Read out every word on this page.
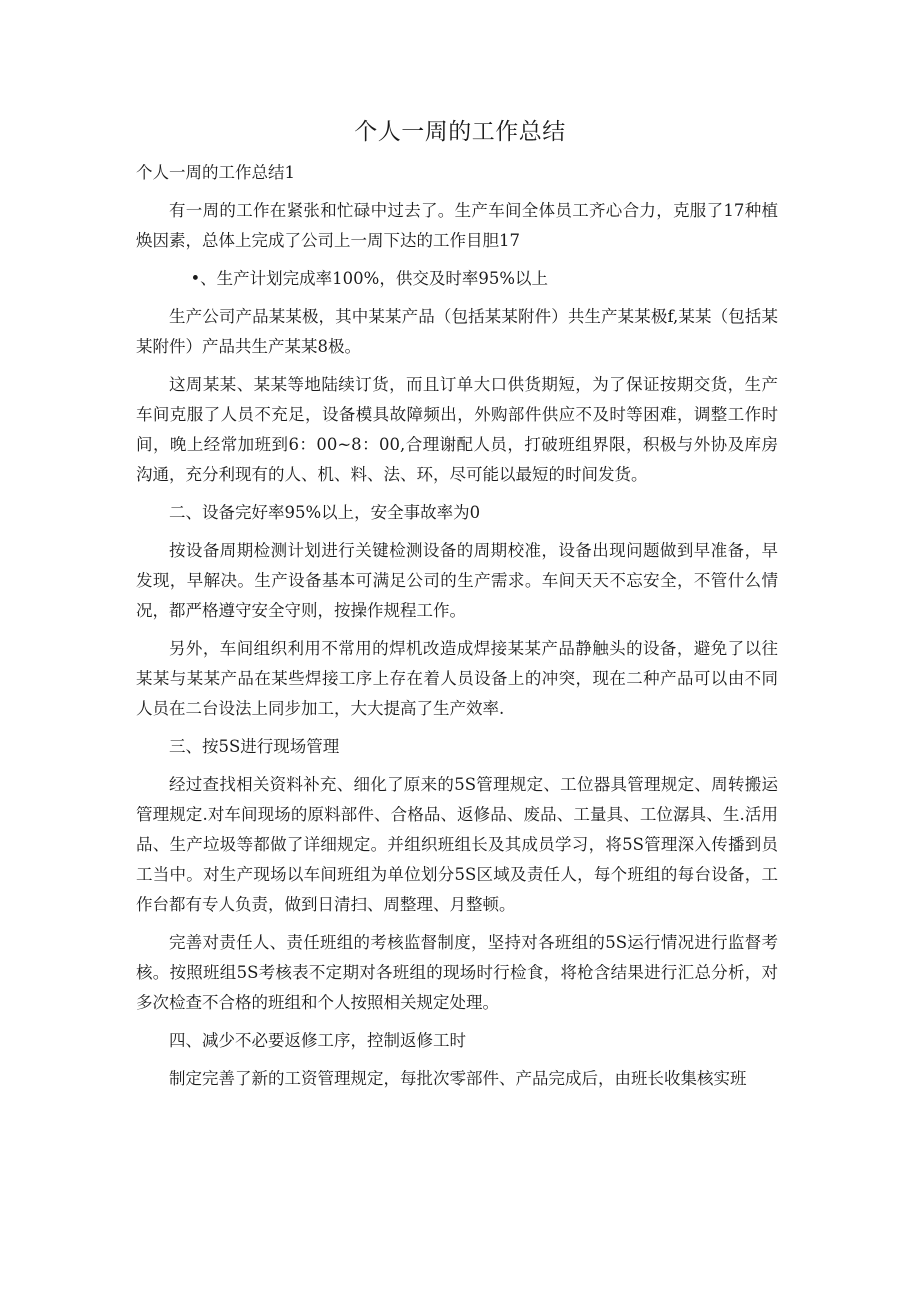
个人一周的工作总结

个人一周的工作总结1

有一周的工作在紧张和忙碌中过去了。生产车间全体员工齐心合力，克服了17种植焕因素，总体上完成了公司上一周下达的工作目胆17

•、生产计划完成率100%，供交及时率95%以上

生产公司产品某某极，其中某某产品（包括某某附件）共生产某某极f,某某（包括某某附件）产品共生产某某8极。

这周某某、某某等地陆续订货，而且订单大口供货期短，为了保证按期交货，生产车间克服了人员不充足，设备模具故障频出，外购部件供应不及时等困难，调整工作时间，晚上经常加班到6：00~8：00,合理谢配人员，打破班组界限，积极与外协及库房沟通，充分利现有的人、机、料、法、环，尽可能以最短的时间发货。

二、设备完好率95%以上，安全事故率为0

按设备周期检测计划进行关键检测设备的周期校准，设备出现问题做到早准备，早发现，早解决。生产设备基本可满足公司的生产需求。车间天天不忘安全，不管什么情况，都严格遵守安全守则，按操作规程工作。

另外，车间组织利用不常用的焊机改造成焊接某某产品静触头的设备，避免了以往某某与某某产品在某些焊接工序上存在着人员设备上的冲突，现在二种产品可以由不同人员在二台设法上同步加工，大大提高了生产效率.

三、按5S进行现场管理

经过查找相关资料补充、细化了原来的5S管理规定、工位器具管理规定、周转搬运管理规定.对车间现场的原料部件、合格品、返修品、废品、工量具、工位潺具、生.活用品、生产垃圾等都做了详细规定。并组织班组长及其成员学习，将5S管理深入传播到员工当中。对生产现场以车间班组为单位划分5S区域及责任人，每个班组的每台设备，工作台都有专人负责，做到日清扫、周整理、月整顿。

完善对责任人、责任班组的考核监督制度，坚持对各班组的5S运行情况进行监督考核。按照班组5S考核表不定期对各班组的现场时行检食，将枪含结果进行汇总分析，对多次检查不合格的班组和个人按照相关规定处理。

四、减少不必要返修工序，控制返修工时

制定完善了新的工资管理规定，每批次零部件、产品完成后，由班长收集核实班
